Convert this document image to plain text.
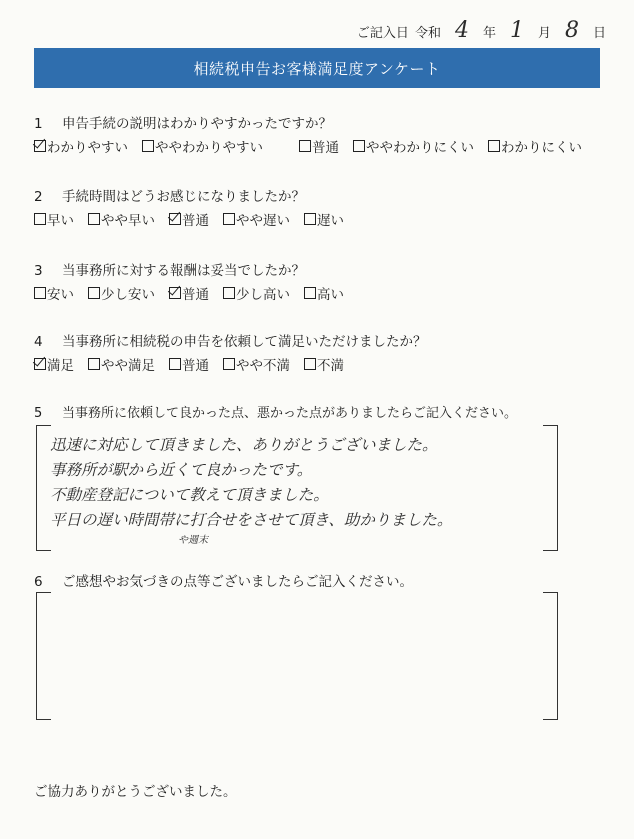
ご記入日 令和 4	年 1	月 8	日
相続税申告お客様満足度アンケート
1 申告手続の説明はわかりやすかったですか？
わかりやすい ややわかりやすい	普通 ややわかりにくい わかりにくい
2 手続時間はどうお感じになりましたか？
早い やや早い 普通 やや遅い 遅い
3 当事務所に対する報酬は妥当でしたか？
安い 少し安い 普通 少し高い 高い
4 当事務所に相続税の申告を依頼して満足いただけましたか？
満足 やや満足 普通 やや不満 不満
5 当事務所に依頼して良かった点、悪かった点がありましたらご記入ください。
迅速に対応して頂きました、ありがとうございました。
事務所が駅から近くて良かったです。
不動産登記について教えて頂きました。
平日の遅い時間帯に打合せをさせて頂き、助かりました。
や週末
6 ご感想やお気づきの点等ございましたらご記入ください。
ご協力ありがとうございました。
